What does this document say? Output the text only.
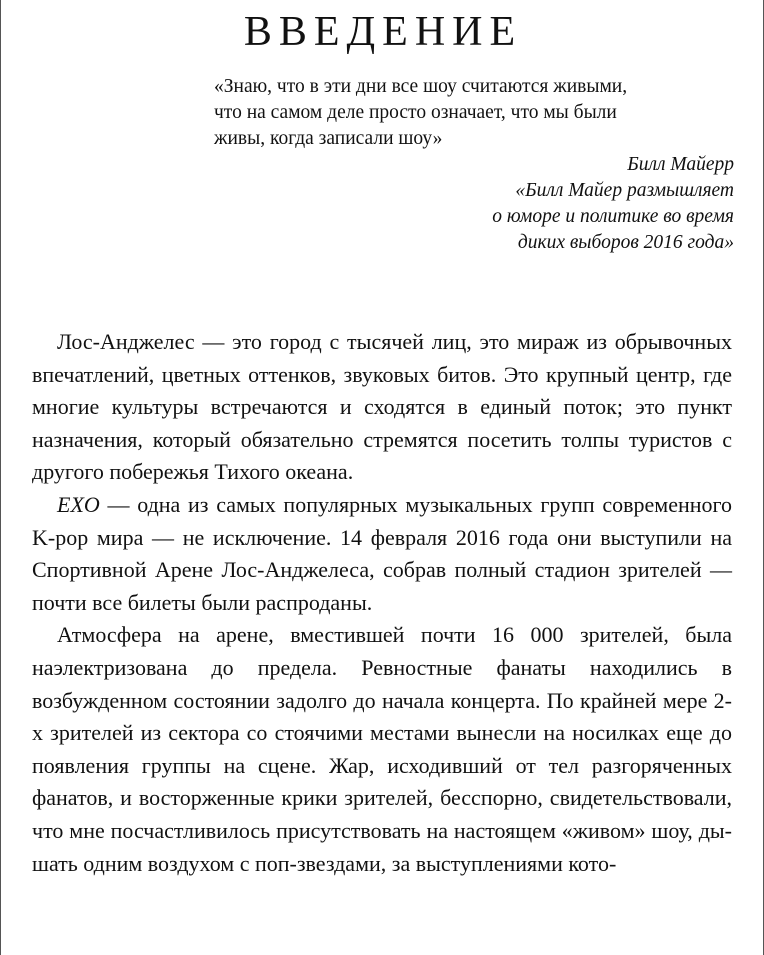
ВВЕДЕНИЕ

«Знаю, что в эти дни все шоу считаются живыми,
что на самом деле просто означает, что мы были
живы, когда записали шоу»

Билл Майерр

«Билл Майер размышляет
о юморе и политике во время
диких выборов 2016 года»

Лос-Анджелес — это город с тысячей лиц, это мираж из обрывочных впечатлений, цветных оттенков, звуковых битов. Это крупный центр, где многие культуры встречаются и сходятся в единый поток; это пункт назначения, который обязательно стремятся посетить толпы туристов с другого побережья Тихого океана.

EXO — одна из самых популярных музыкальных групп современного K-pop мира — не исключение. 14 февраля 2016 года они выступили на Спортивной Арене Лос-Анджелеса, собрав полный стадион зрителей — почти все билеты были распроданы.

Атмосфера на арене, вместившей почти 16 000 зрителей, была наэлектризована до предела. Ревностные фанаты находились в возбужденном состоянии задолго до начала концерта. По крайней мере 2-х зрителей из сектора со стоячими местами вынесли на носилках еще до появления группы на сцене. Жар, исходивший от тел разгоряченных фанатов, и восторженные крики зрителей, бесспорно, свидетельствовали, что мне посчастливилось присутствовать на настоящем «живом» шоу, дышать одним воздухом с поп-звездами, за выступлениями кото-
